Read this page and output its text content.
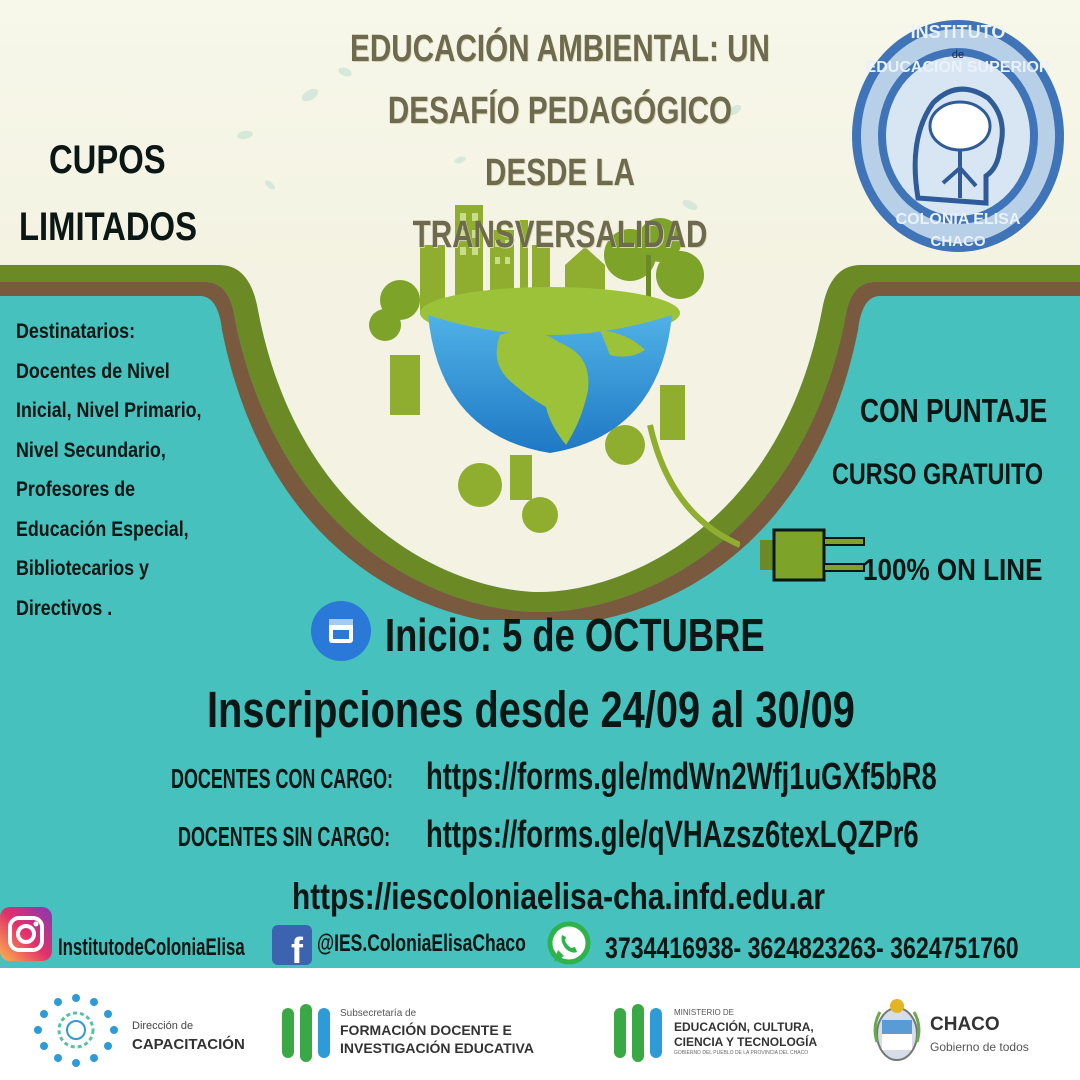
EDUCACIÓN AMBIENTAL: UN
DESAFÍO PEDAGÓGICO DESDE LA
TRANSVERSALIDAD
CUPOS
LIMITADOS
INSTITUTO
de
EDUCACIÓN SUPERIOR
COLONIA ELISA
CHACO
Destinatarios:
Docentes de Nivel
Inicial, Nivel Primario,
Nivel Secundario,
Profesores de
Educación Especial,
Bibliotecarios y
Directivos .
CON PUNTAJE
CURSO GRATUITO
100% ON LINE
Inicio: 5 de OCTUBRE
Inscripciones desde 24/09 al 30/09
DOCENTES CON CARGO: https://forms.gle/mdWn2Wfj1uGXf5bR8
DOCENTES SIN CARGO: https://forms.gle/qVHAzsz6texLQZPr6
https://iescoloniaelisa-cha.infd.edu.ar
InstitutodeColoniaElisa f @IES.ColoniaElisaChaco	3734416938- 3624823263- 3624751760
Dirección de
CAPACITACIÓN
Subsecretaría de
FORMACIÓN DOCENTE E
INVESTIGACIÓN EDUCATIVA
MINISTERIO DE
EDUCACIÓN, CULTURA,
CIENCIA Y TECNOLOGÍA
GOBIERNO DEL PUEBLO DE LA PROVINCIA DEL CHACO
CHACO
Gobierno de todos
